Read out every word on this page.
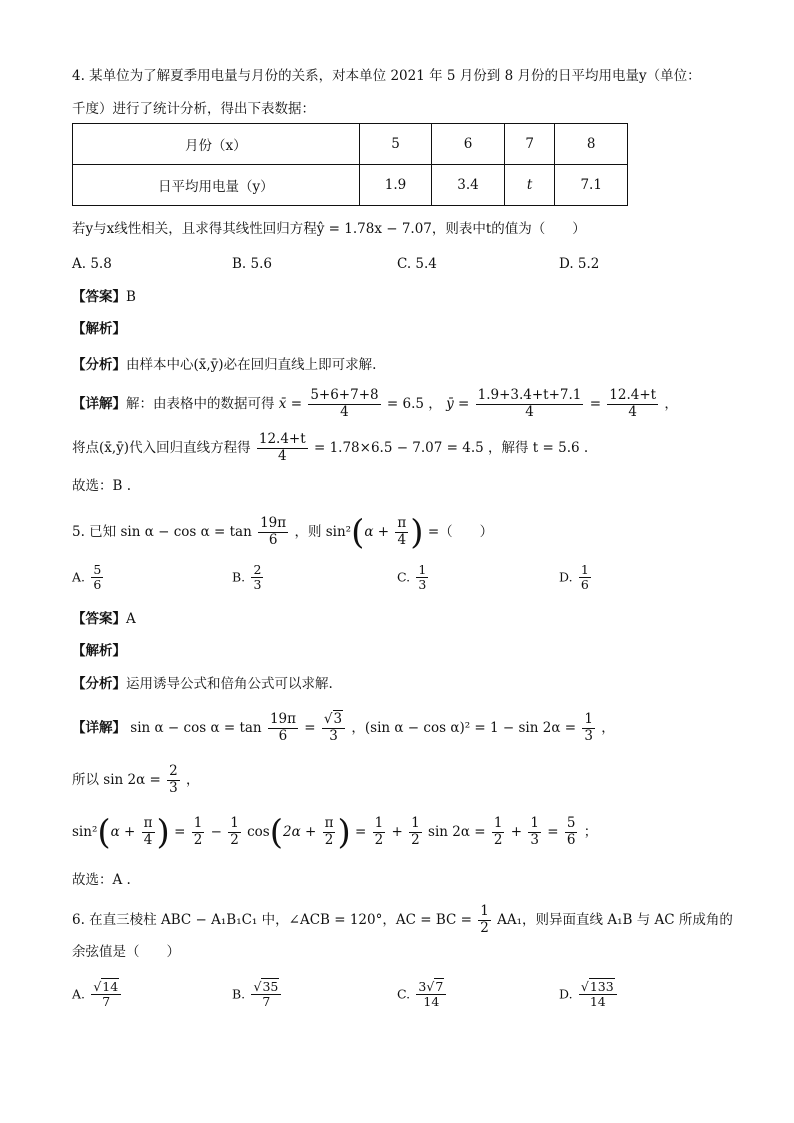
4. 某单位为了解夏季用电量与月份的关系，对本单位 2021 年 5 月份到 8 月份的日平均用电量y（单位：
千度）进行了统计分析，得出下表数据：
月份（x）	5	6	7	8
日平均用电量（y）	1.9	3.4	t	7.1
若y与x线性相关，且求得其线性回归方程ŷ = 1.78x − 7.07，则表中t的值为（　　）
A. 5.8	B. 5.6	C. 5.4	D. 5.2
【答案】B
【解析】
【分析】由样本中心(x̄,ȳ)必在回归直线上即可求解.
【详解】解：由表格中的数据可得 x̄ = $\frac{5+6+7+8}{4} = 6.5$ ， ȳ = $\frac{1.9+3.4+t+7.1}{4} = \frac{12.4+t}{4}$ ，
将点(x̄,ȳ)代入回归直线方程得 $\frac{12.4+t}{4} = 1.78\times 6.5 - 7.07 = 4.5$ ，解得 t = 5.6 .
故选：B .
5. 已知 $\sin \alpha - \cos \alpha = \tan \frac{19\pi}{6}$ ，则 $\sin^2(\alpha + \frac{\pi}{4}$ ) =（　　）
A. $\frac{5}{6}$	B. $\frac{2}{3}$	C. $\frac{1}{3}$	D. $\frac{1}{6}$
【答案】A
【解析】
【分析】运用诱导公式和倍角公式可以求解.
【详解】 $\sin \alpha - \cos \alpha = \tan \frac{19\pi}{6} = \frac{√3}{3}$ ，(sin $\alpha - \cos \alpha)^2 = 1 - \sin 2\alpha = \frac{1}{3}$ ，
所以 $\sin 2\alpha = \frac{2}{3}$ ，
$\sin^2(\alpha + \frac{\pi}{4}$ ) = $\frac{1}{2} - \frac{1}{2} \cos(2\alpha + \frac{\pi}{2}$ ) = $\frac{1}{2} + \frac{1}{2}$ $\sin 2\alpha = \frac{1}{2} + \frac{1}{3} = \frac{5}{6}$ ；
故选：A .
6. 在直三棱柱 ABC − A₁B₁C₁ 中，∠ACB = 120°，AC = BC = $\frac{1}{2} AA_1$，则异面直线 A₁B 与 AC 所成角的
余弦值是（　　）
A. $\frac{√14}{7}$	B. $\frac{√35}{7}$	C. $\frac{3√7}{14}$	D. $\frac{√133}{14}$
